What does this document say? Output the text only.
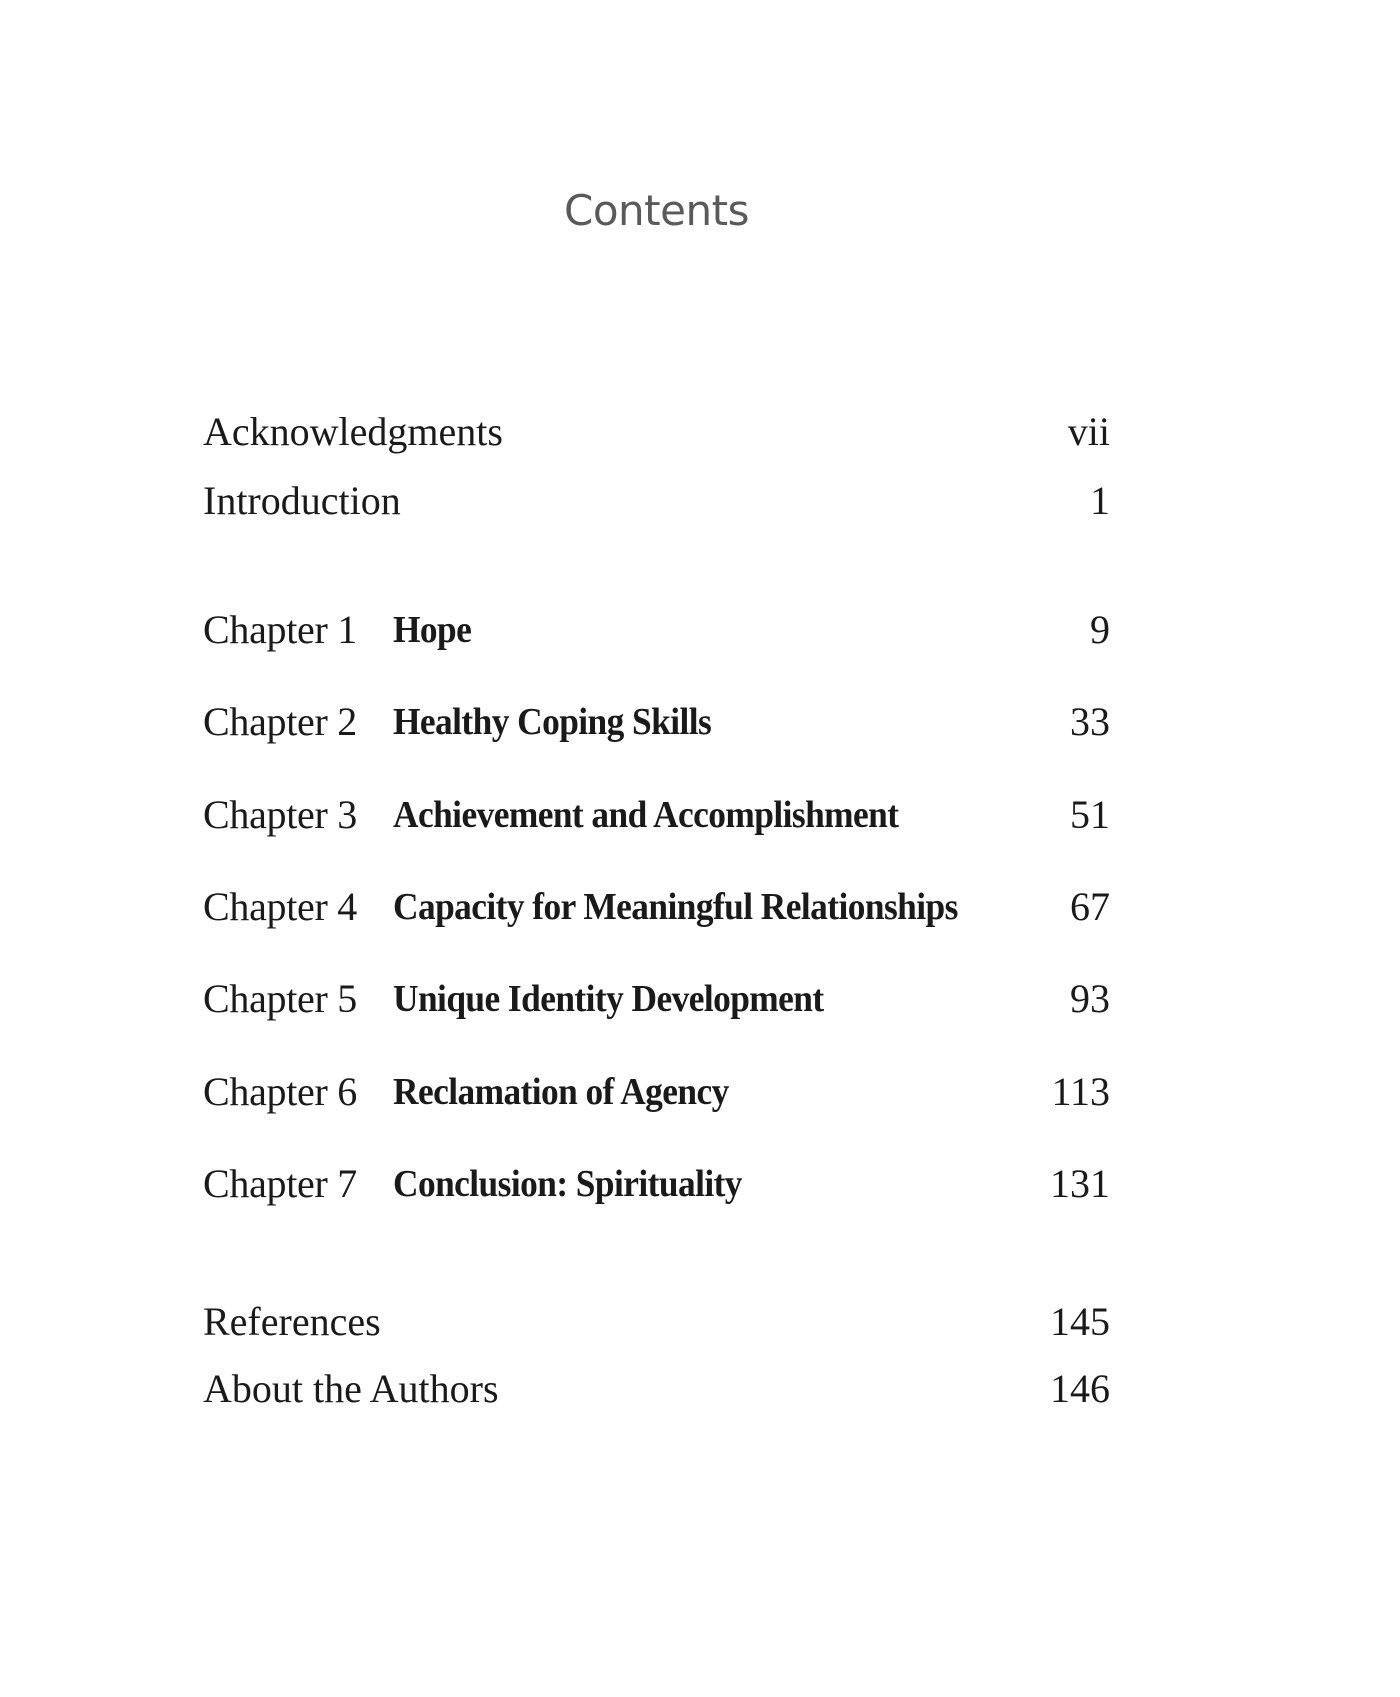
Contents
Acknowledgments	vii
Introduction	1
Chapter 1 Hope	9
Chapter 2 Healthy Coping Skills	33
Chapter 3 Achievement and Accomplishment	51
Chapter 4 Capacity for Meaningful Relationships	67
Chapter 5 Unique Identity Development	93
Chapter 6 Reclamation of Agency	113
Chapter 7 Conclusion: Spirituality	131
References	145
About the Authors	146
